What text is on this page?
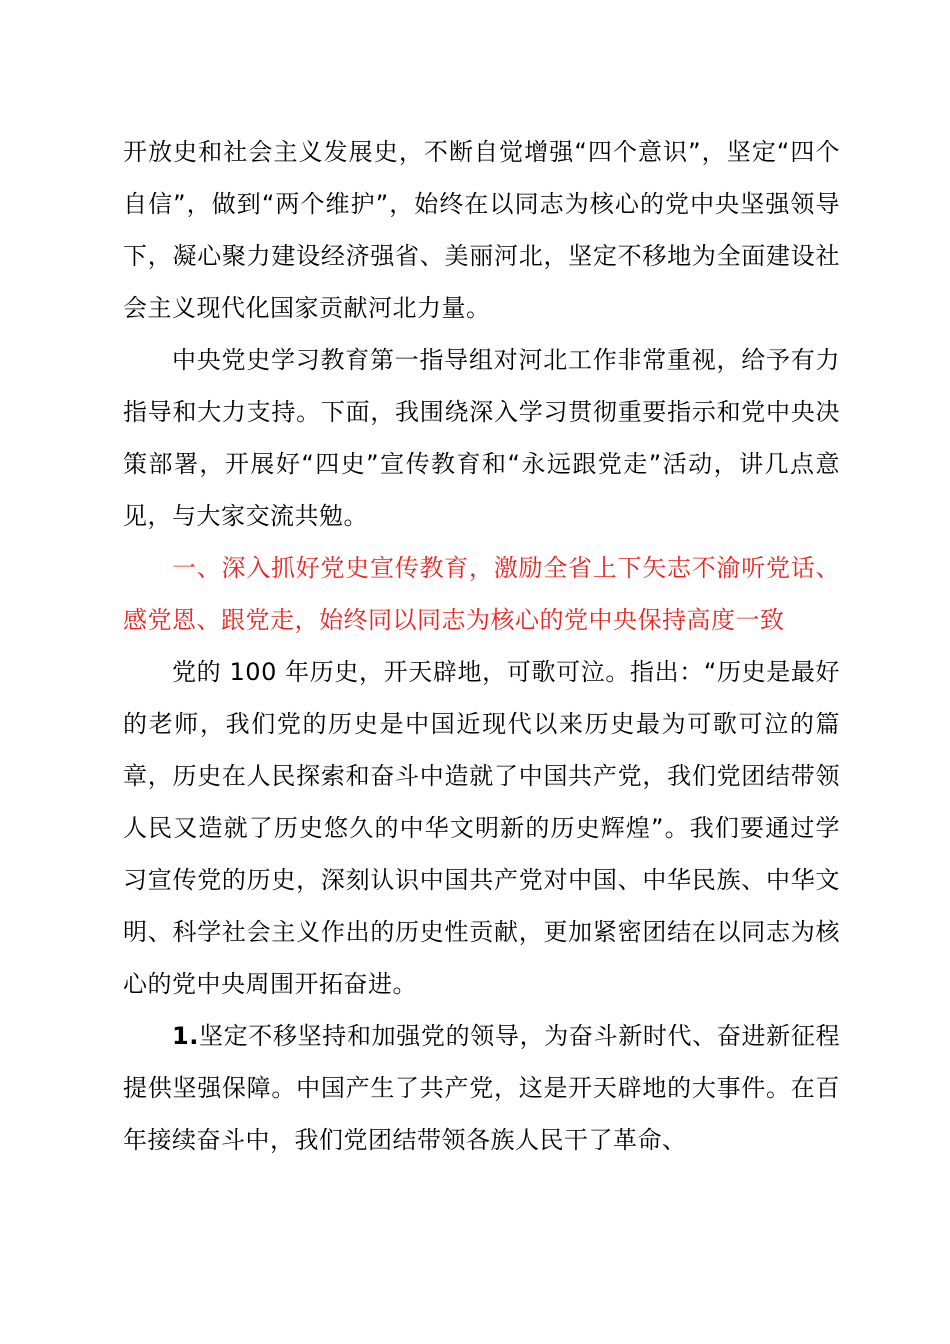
开放史和社会主义发展史，不断自觉增强“四个意识”，坚定“四个自信”，做到“两个维护”，始终在以同志为核心的党中央坚强领导下，凝心聚力建设经济强省、美丽河北，坚定不移地为全面建设社会主义现代化国家贡献河北力量。

中央党史学习教育第一指导组对河北工作非常重视，给予有力指导和大力支持。下面，我围绕深入学习贯彻重要指示和党中央决策部署，开展好“四史”宣传教育和“永远跟党走”活动，讲几点意见，与大家交流共勉。

一、深入抓好党史宣传教育，激励全省上下矢志不渝听党话、感党恩、跟党走，始终同以同志为核心的党中央保持高度一致

党的 100 年历史，开天辟地，可歌可泣。指出：“历史是最好的老师，我们党的历史是中国近现代以来历史最为可歌可泣的篇章，历史在人民探索和奋斗中造就了中国共产党，我们党团结带领人民又造就了历史悠久的中华文明新的历史辉煌”。我们要通过学习宣传党的历史，深刻认识中国共产党对中国、中华民族、中华文明、科学社会主义作出的历史性贡献，更加紧密团结在以同志为核心的党中央周围开拓奋进。

1.坚定不移坚持和加强党的领导，为奋斗新时代、奋进新征程提供坚强保障。中国产生了共产党，这是开天辟地的大事件。在百年接续奋斗中，我们党团结带领各族人民干了革命、
